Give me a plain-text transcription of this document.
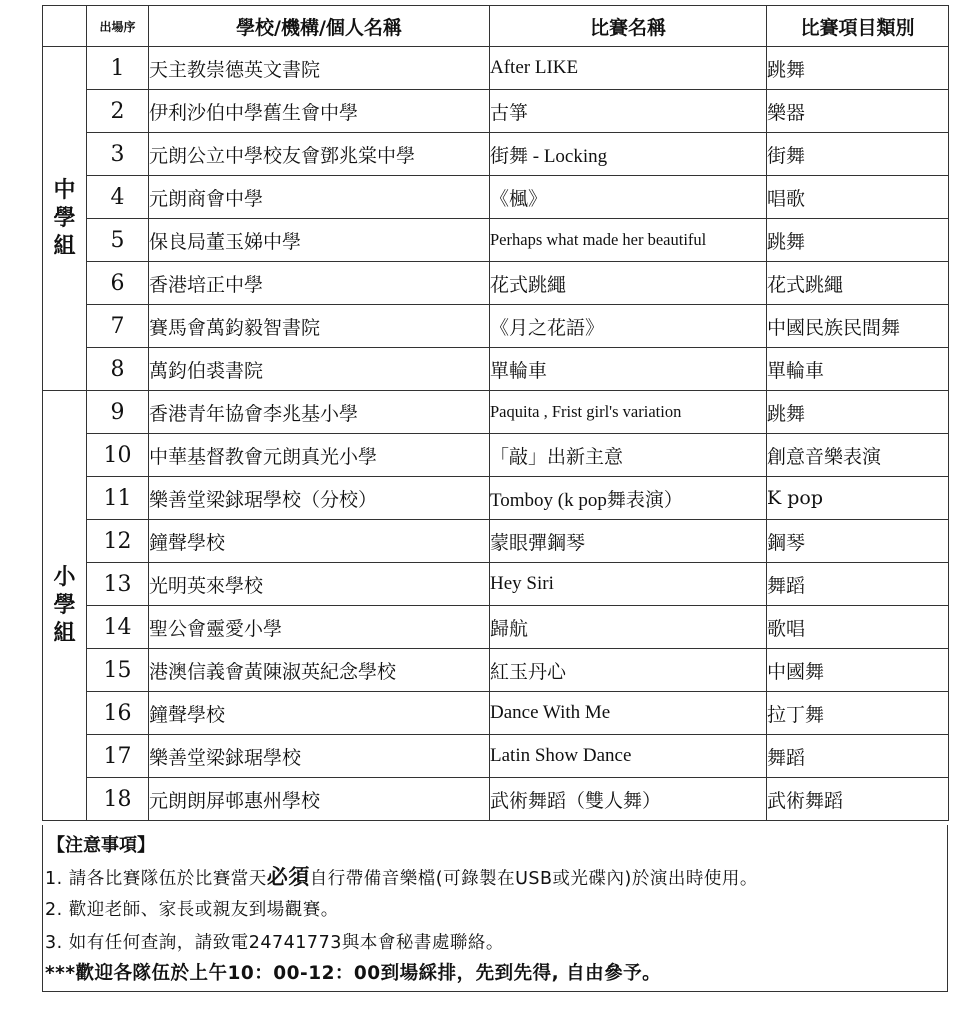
	出場序	學校/機構/個人名稱	比賽名稱	比賽項目類別

中
學
組	1	天主教崇德英文書院	After LIKE	跳舞
	2	伊利沙伯中學舊生會中學	古箏	樂器
	3	元朗公立中學校友會鄧兆棠中學	街舞 - Locking	街舞
	4	元朗商會中學	《楓》	唱歌
	5	保良局董玉娣中學	Perhaps what made her beautiful	跳舞
	6	香港培正中學	花式跳繩	花式跳繩
	7	賽馬會萬鈞毅智書院	《月之花語》	中國民族民間舞
	8	萬鈞伯裘書院	單輪車	單輪車

小
學
組	9	香港青年協會李兆基小學	Paquita , Frist girl's variation	跳舞
	10	中華基督教會元朗真光小學	「敲」出新主意	創意音樂表演
	11	樂善堂梁銶琚學校（分校）	Tomboy (k pop舞表演）	K pop
	12	鐘聲學校	蒙眼彈鋼琴	鋼琴
	13	光明英來學校	Hey Siri	舞蹈
	14	聖公會靈愛小學	歸航	歌唱
	15	港澳信義會黃陳淑英紀念學校	紅玉丹心	中國舞
	16	鐘聲學校	Dance With Me	拉丁舞
	17	樂善堂梁銶琚學校	Latin Show Dance	舞蹈
	18	元朗朗屏邨惠州學校	武術舞蹈（雙人舞）	武術舞蹈
【注意事項】
1. 請各比賽隊伍於比賽當天必須自行帶備音樂檔(可錄製在USB或光碟內)於演出時使用。
2. 歡迎老師、家長或親友到場觀賽。
3. 如有任何查詢，請致電24741773與本會秘書處聯絡。
***歡迎各隊伍於上午10：00-12：00到場綵排，先到先得, 自由參予。
